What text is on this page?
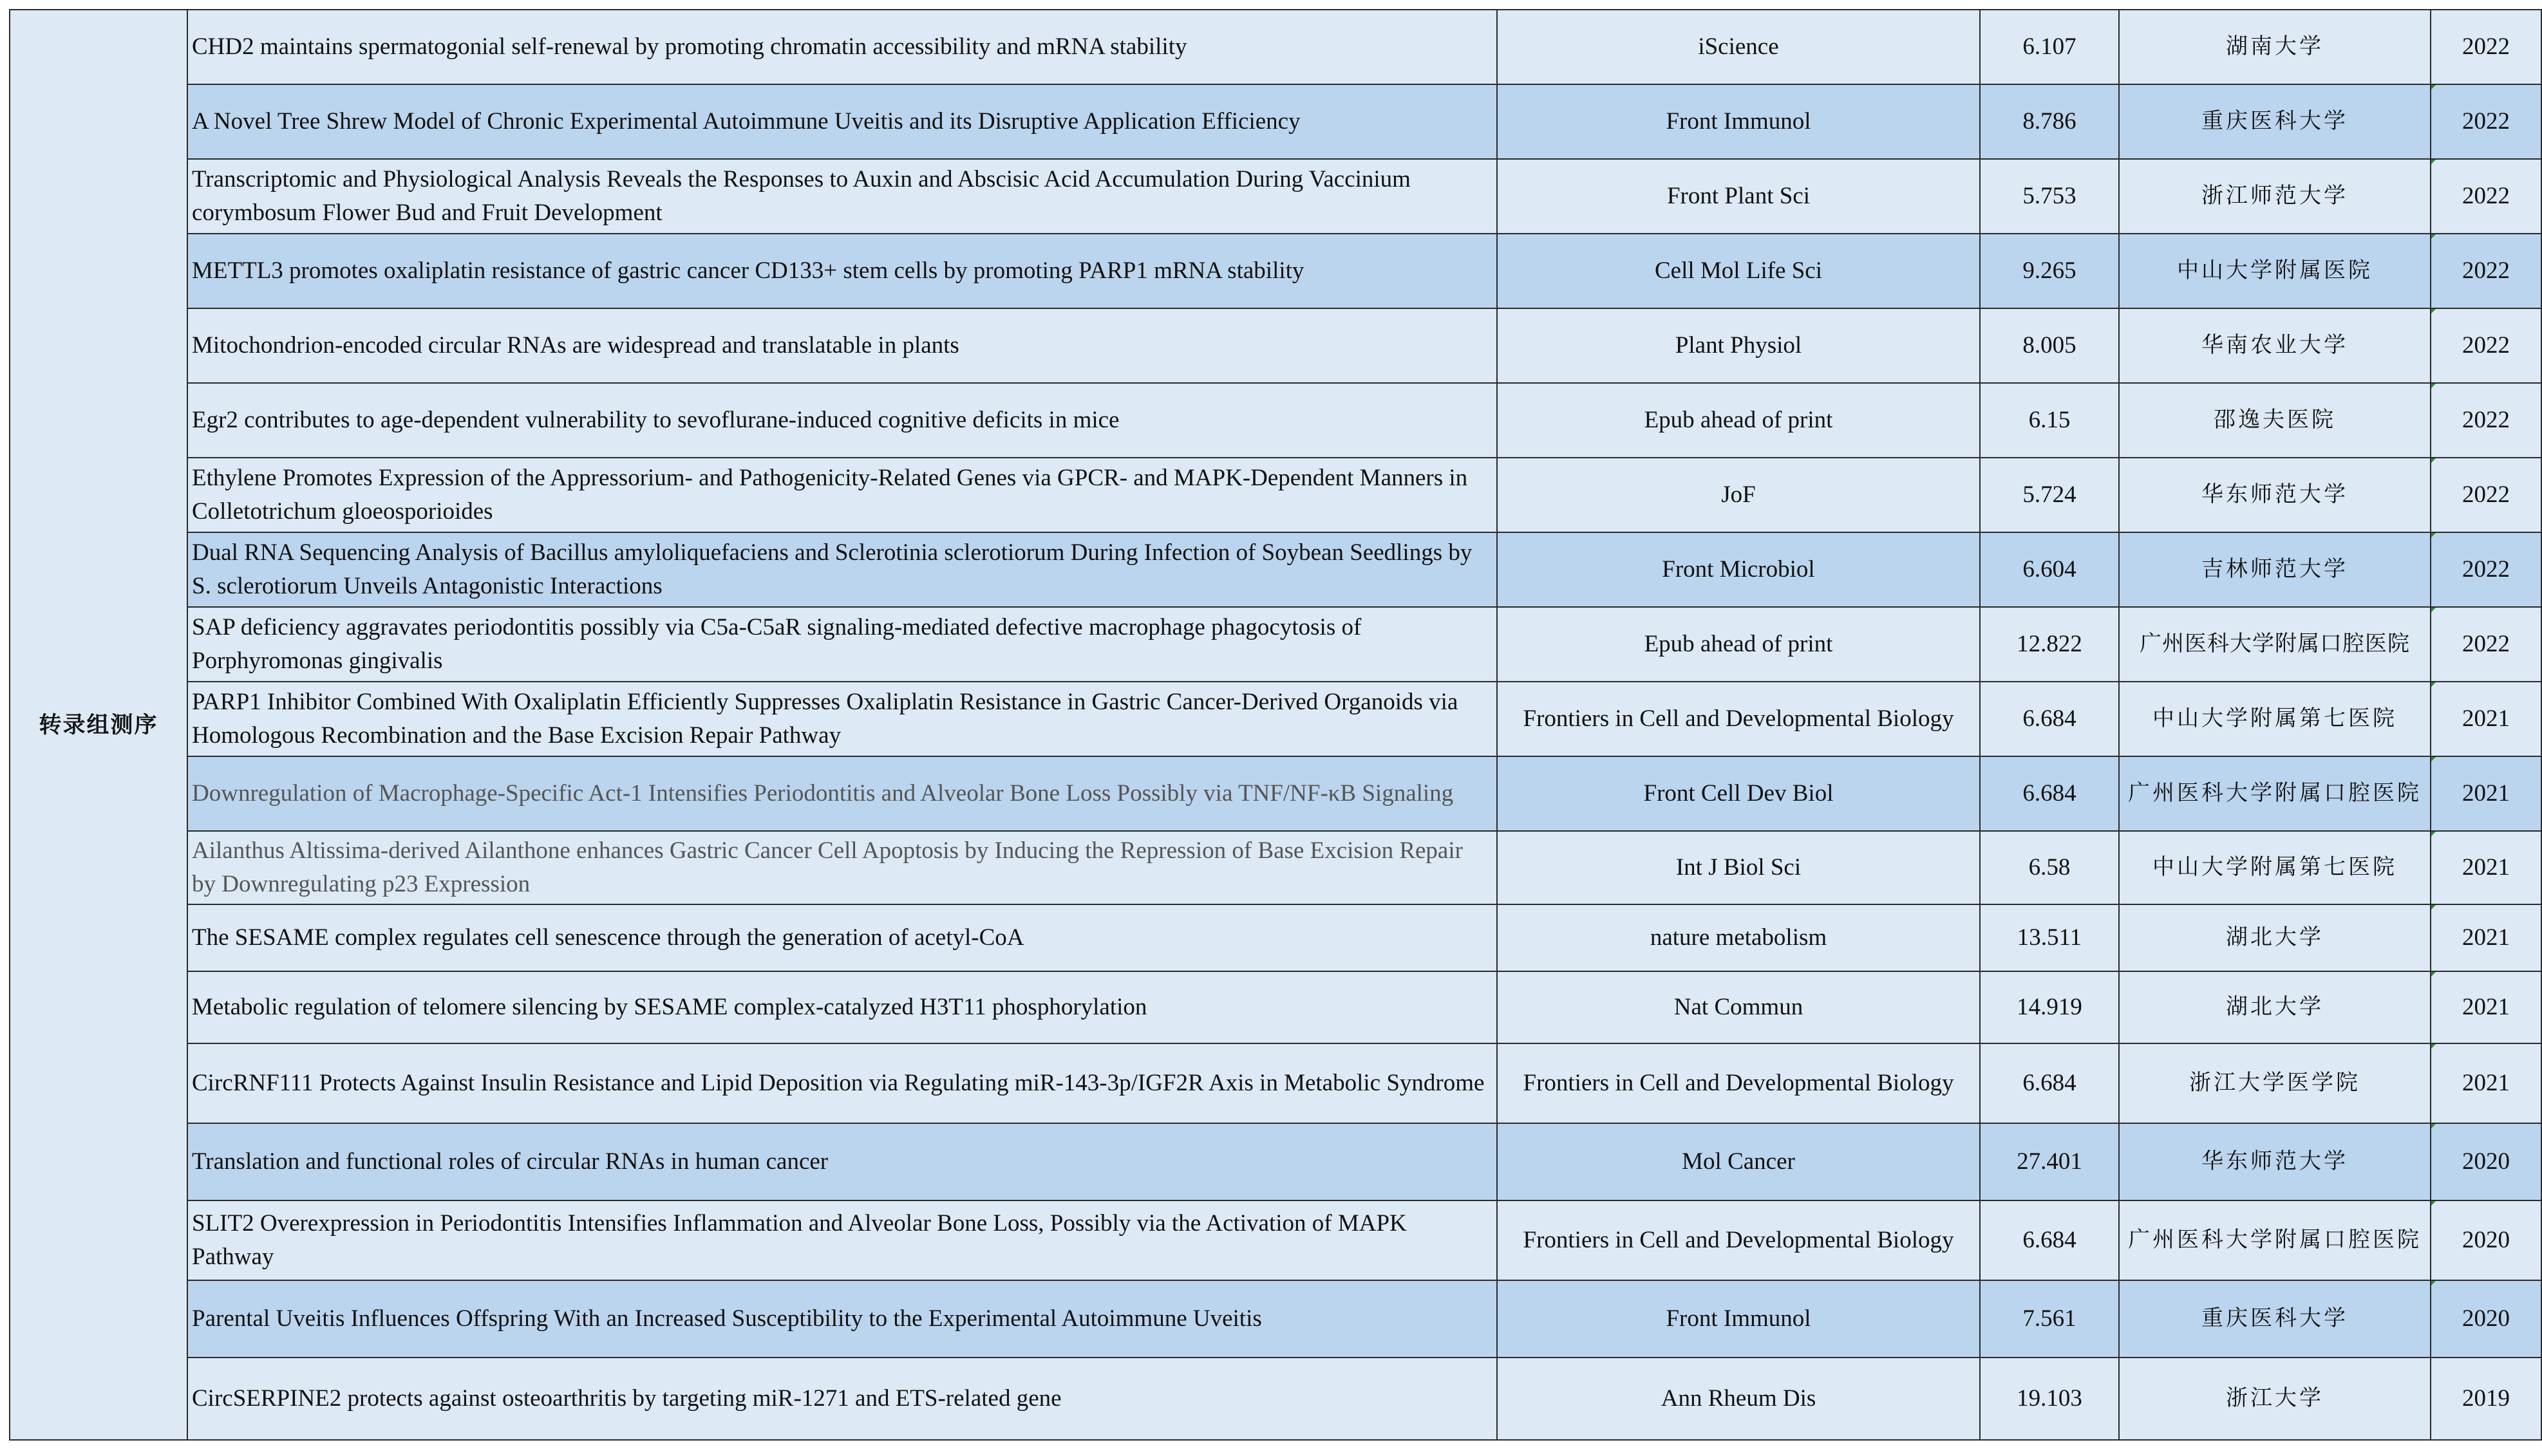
转录组测序	CHD2 maintains spermatogonial self-renewal by promoting chromatin accessibility and mRNA stability	iScience	6.107	湖南大学	2022
	A Novel Tree Shrew Model of Chronic Experimental Autoimmune Uveitis and its Disruptive Application Efficiency	Front Immunol	8.786	重庆医科大学	2022
	Transcriptomic and Physiological Analysis Reveals the Responses to Auxin and Abscisic Acid Accumulation During Vaccinium corymbosum Flower Bud and Fruit Development	Front Plant Sci	5.753	浙江师范大学	2022
	METTL3 promotes oxaliplatin resistance of gastric cancer CD133+ stem cells by promoting PARP1 mRNA stability	Cell Mol Life Sci	9.265	中山大学附属医院	2022
	Mitochondrion-encoded circular RNAs are widespread and translatable in plants	Plant Physiol	8.005	华南农业大学	2022
	Egr2 contributes to age-dependent vulnerability to sevoflurane-induced cognitive deficits in mice	Epub ahead of print	6.15	邵逸夫医院	2022
	Ethylene Promotes Expression of the Appressorium- and Pathogenicity-Related Genes via GPCR- and MAPK-Dependent Manners in Colletotrichum gloeosporioides	JoF	5.724	华东师范大学	2022
	Dual RNA Sequencing Analysis of Bacillus amyloliquefaciens and Sclerotinia sclerotiorum During Infection of Soybean Seedlings by S. sclerotiorum Unveils Antagonistic Interactions	Front Microbiol	6.604	吉林师范大学	2022
	SAP deficiency aggravates periodontitis possibly via C5a-C5aR signaling-mediated defective macrophage phagocytosis of Porphyromonas gingivalis	Epub ahead of print	12.822	广州医科大学附属口腔医院	2022
	PARP1 Inhibitor Combined With Oxaliplatin Efficiently Suppresses Oxaliplatin Resistance in Gastric Cancer-Derived Organoids via Homologous Recombination and the Base Excision Repair Pathway	Frontiers in Cell and Developmental Biology	6.684	中山大学附属第七医院	2021
	Downregulation of Macrophage-Specific Act-1 Intensifies Periodontitis and Alveolar Bone Loss Possibly via TNF/NF-κB Signaling	Front Cell Dev Biol	6.684	广州医科大学附属口腔医院	2021
	Ailanthus Altissima-derived Ailanthone enhances Gastric Cancer Cell Apoptosis by Inducing the Repression of Base Excision Repair by Downregulating p23 Expression	Int J Biol Sci	6.58	中山大学附属第七医院	2021
	The SESAME complex regulates cell senescence through the generation of acetyl-CoA	nature metabolism	13.511	湖北大学	2021
	Metabolic regulation of telomere silencing by SESAME complex-catalyzed H3T11 phosphorylation	Nat Commun	14.919	湖北大学	2021
	CircRNF111 Protects Against Insulin Resistance and Lipid Deposition via Regulating miR-143-3p/IGF2R Axis in Metabolic Syndrome	Frontiers in Cell and Developmental Biology	6.684	浙江大学医学院	2021
	Translation and functional roles of circular RNAs in human cancer	Mol Cancer	27.401	华东师范大学	2020
	SLIT2 Overexpression in Periodontitis Intensifies Inflammation and Alveolar Bone Loss, Possibly via the Activation of MAPK Pathway	Frontiers in Cell and Developmental Biology	6.684	广州医科大学附属口腔医院	2020
	Parental Uveitis Influences Offspring With an Increased Susceptibility to the Experimental Autoimmune Uveitis	Front Immunol	7.561	重庆医科大学	2020
	CircSERPINE2 protects against osteoarthritis by targeting miR-1271 and ETS-related gene	Ann Rheum Dis	19.103	浙江大学	2019
